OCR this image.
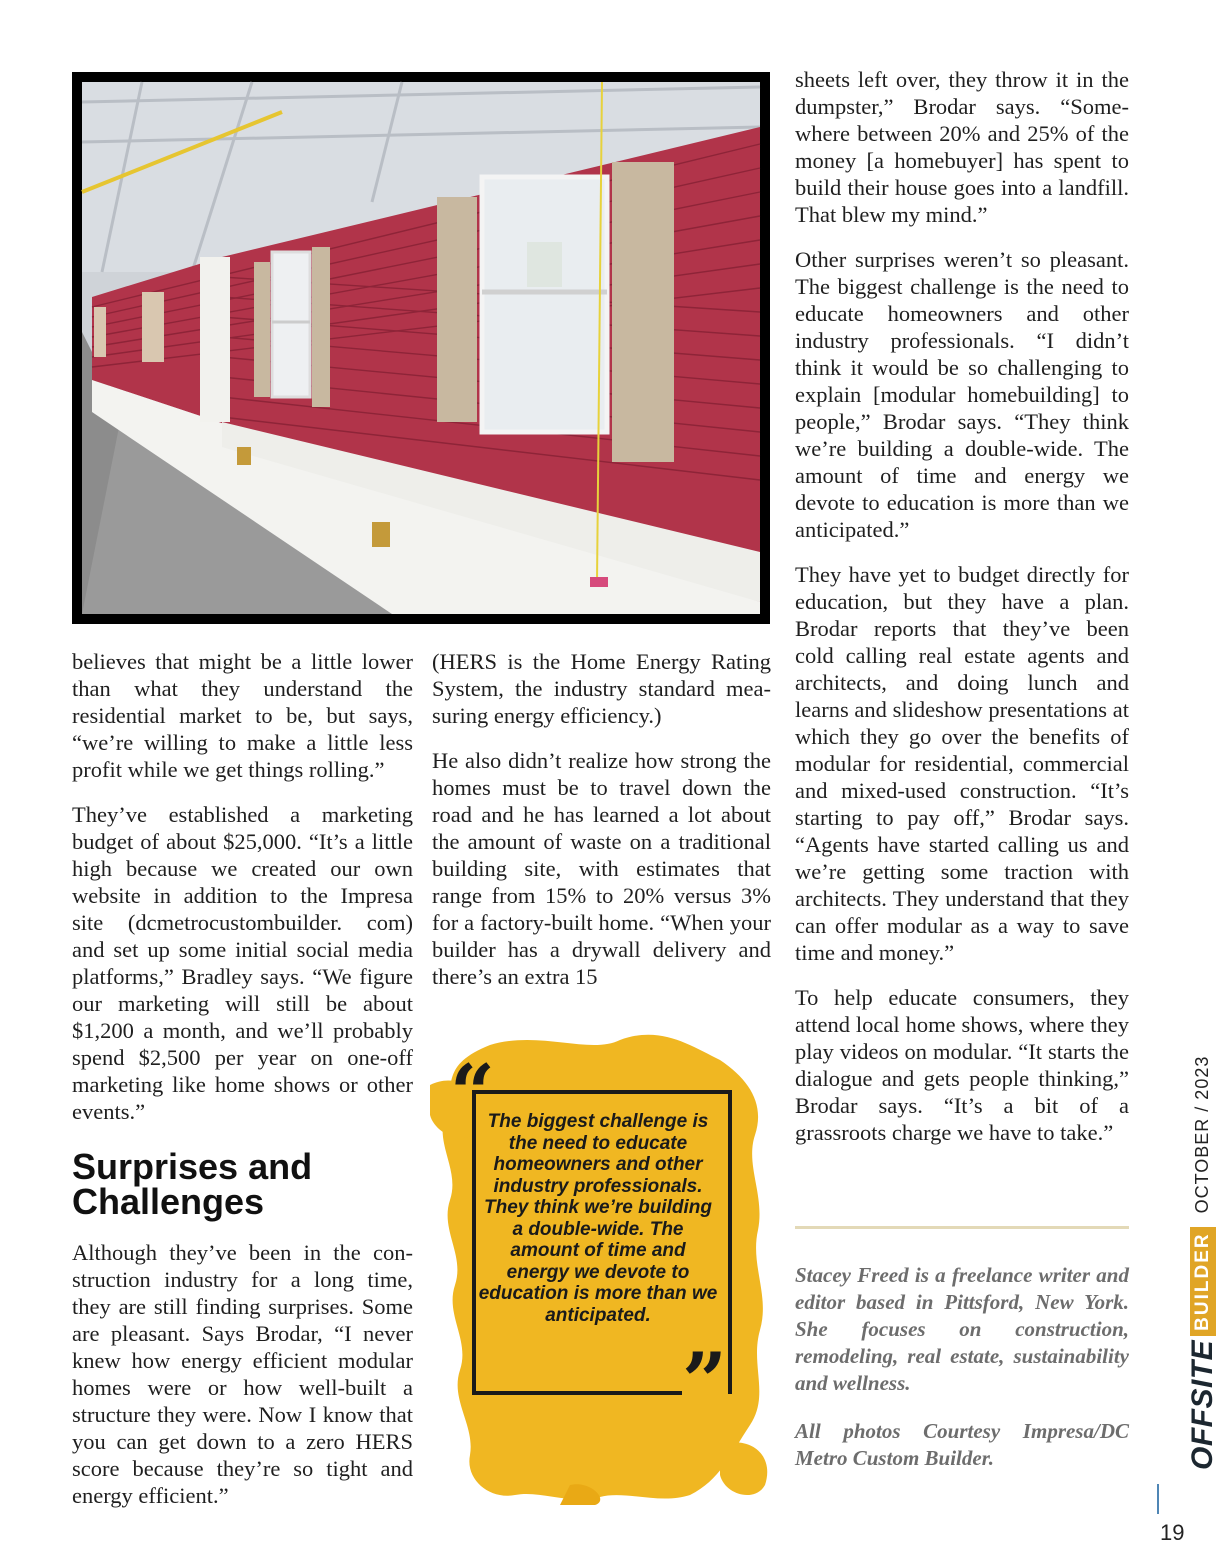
believes that might be a little lower than what they understand the residential market to be, but says, “we’re willing to make a little less profit while we get things rolling.”

They’ve established a marketing budget of about $25,000. “It’s a little high because we created our own website in addition to the Impresa site (dcmetrocustombuilder. com) and set up some initial social media platforms,” Bradley says. “We figure our marketing will still be about $1,200 a month, and we’ll probably spend $2,500 per year on one-off marketing like home shows or other events.”

Surprises and Challenges

Although they’ve been in the construction industry for a long time, they are still finding surprises. Some are pleasant. Says Brodar, “I never knew how energy efficient modular homes were or how well-built a structure they were. Now I know that you can get down to a zero HERS score because they’re so tight and energy efficient.”

(HERS is the Home Energy Rating System, the industry standard measuring energy efficiency.)

He also didn’t realize how strong the homes must be to travel down the road and he has learned a lot about the amount of waste on a traditional building site, with estimates that range from 15% to 20% versus 3% for a factory-built home. “When your builder has a drywall delivery and there’s an extra 15

“
The biggest challenge is the need to educate homeowners and other industry professionals. They think we’re building a double-wide. The amount of time and energy we devote to education is more than we anticipated.
”

sheets left over, they throw it in the dumpster,” Brodar says. “Somewhere between 20% and 25% of the money [a homebuyer] has spent to build their house goes into a landfill. That blew my mind.”

Other surprises weren’t so pleasant. The biggest challenge is the need to educate homeowners and other industry professionals. “I didn’t think it would be so challenging to explain [modular homebuilding] to people,” Brodar says. “They think we’re building a double-wide. The amount of time and energy we devote to education is more than we anticipated.”

They have yet to budget directly for education, but they have a plan. Brodar reports that they’ve been cold calling real estate agents and architects, and doing lunch and learns and slideshow presentations at which they go over the benefits of modular for residential, commercial and mixed-used construction. “It’s starting to pay off,” Brodar says. “Agents have started calling us and we’re getting some traction with architects. They understand that they can offer modular as a way to save time and money.”

To help educate consumers, they attend local home shows, where they play videos on modular. “It starts the dialogue and gets people thinking,” Brodar says. “It’s a bit of a grassroots charge we have to take.”

Stacey Freed is a freelance writer and editor based in Pittsford, New York. She focuses on construction, remodeling, real estate, sustainability and wellness.

All photos Courtesy Impresa/DC Metro Custom Builder.	OFFSITEBUILDEROCTOBER / 2023
19
